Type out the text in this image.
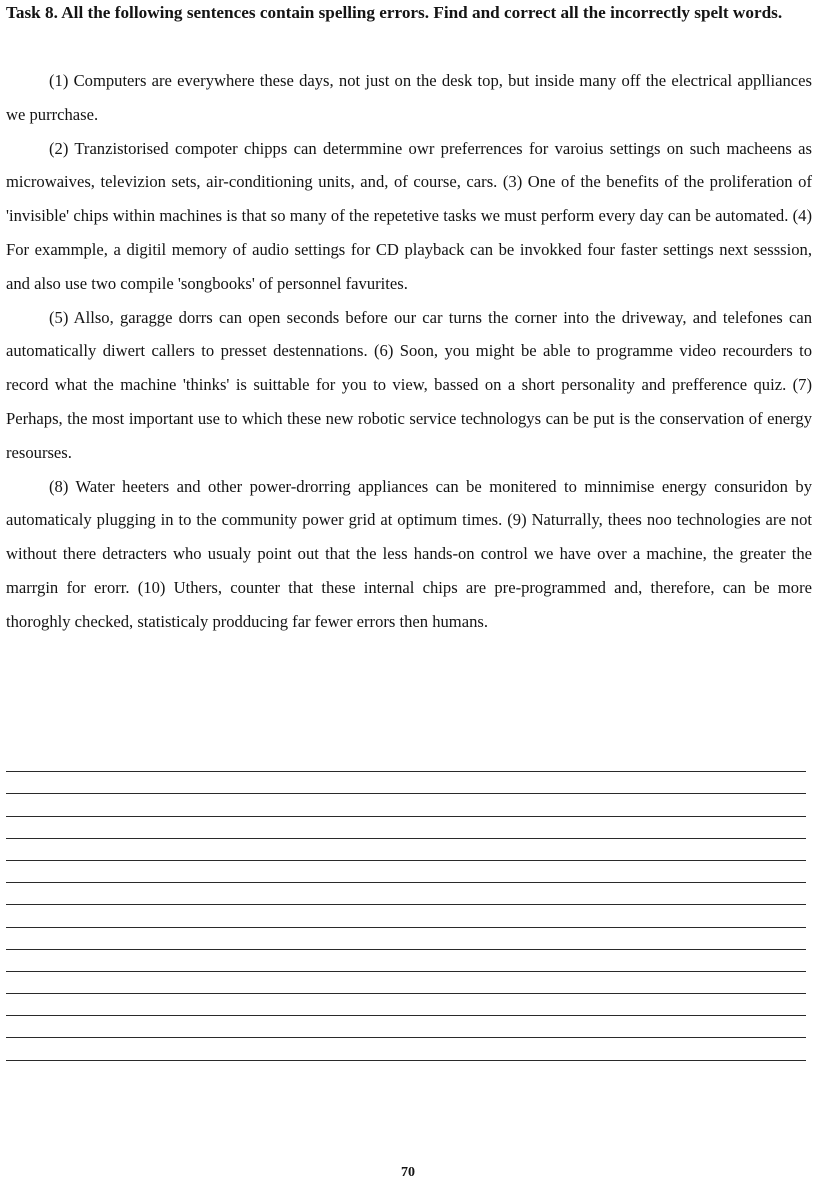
Task 8. All the following sentences contain spelling errors. Find and correct all the incorrectly spelt words.

(1) Computers are everywhere these days, not just on the desk top, but inside many off the electrical applliances we purrchase.

(2) Tranzistorised compoter chipps can determmine owr preferrences for varoius settings on such macheens as microwaives, televizion sets, air-conditioning units, and, of course, cars. (3) One of the benefits of the proliferation of 'invisible' chips within machines is that so many of the repetetive tasks we must perform every day can be automated. (4) For exammple, a digitil memory of audio settings for CD playback can be invokked four faster settings next sesssion, and also use two compile 'songbooks' of personnel favurites.

(5) Allso, garagge dorrs can open seconds before our car turns the corner into the driveway, and telefones can automatically diwert callers to presset destennations. (6) Soon, you might be able to programme video recourders to record what the machine 'thinks' is suittable for you to view, bassed on a short personality and prefference quiz. (7) Perhaps, the most important use to which these new robotic service technologys can be put is the conservation of energy resourses.

(8) Water heeters and other power-drorring appliances can be monitered to minnimise energy consuridon by automaticaly plugging in to the community power grid at optimum times. (9) Naturrally, thees noo technologies are not without there detracters who usualy point out that the less hands-on control we have over a machine, the greater the marrgin for erorr. (10) Uthers, counter that these internal chips are pre-programmed and, therefore, can be more thoroghly checked, statisticaly prodducing far fewer errors then humans.

70
